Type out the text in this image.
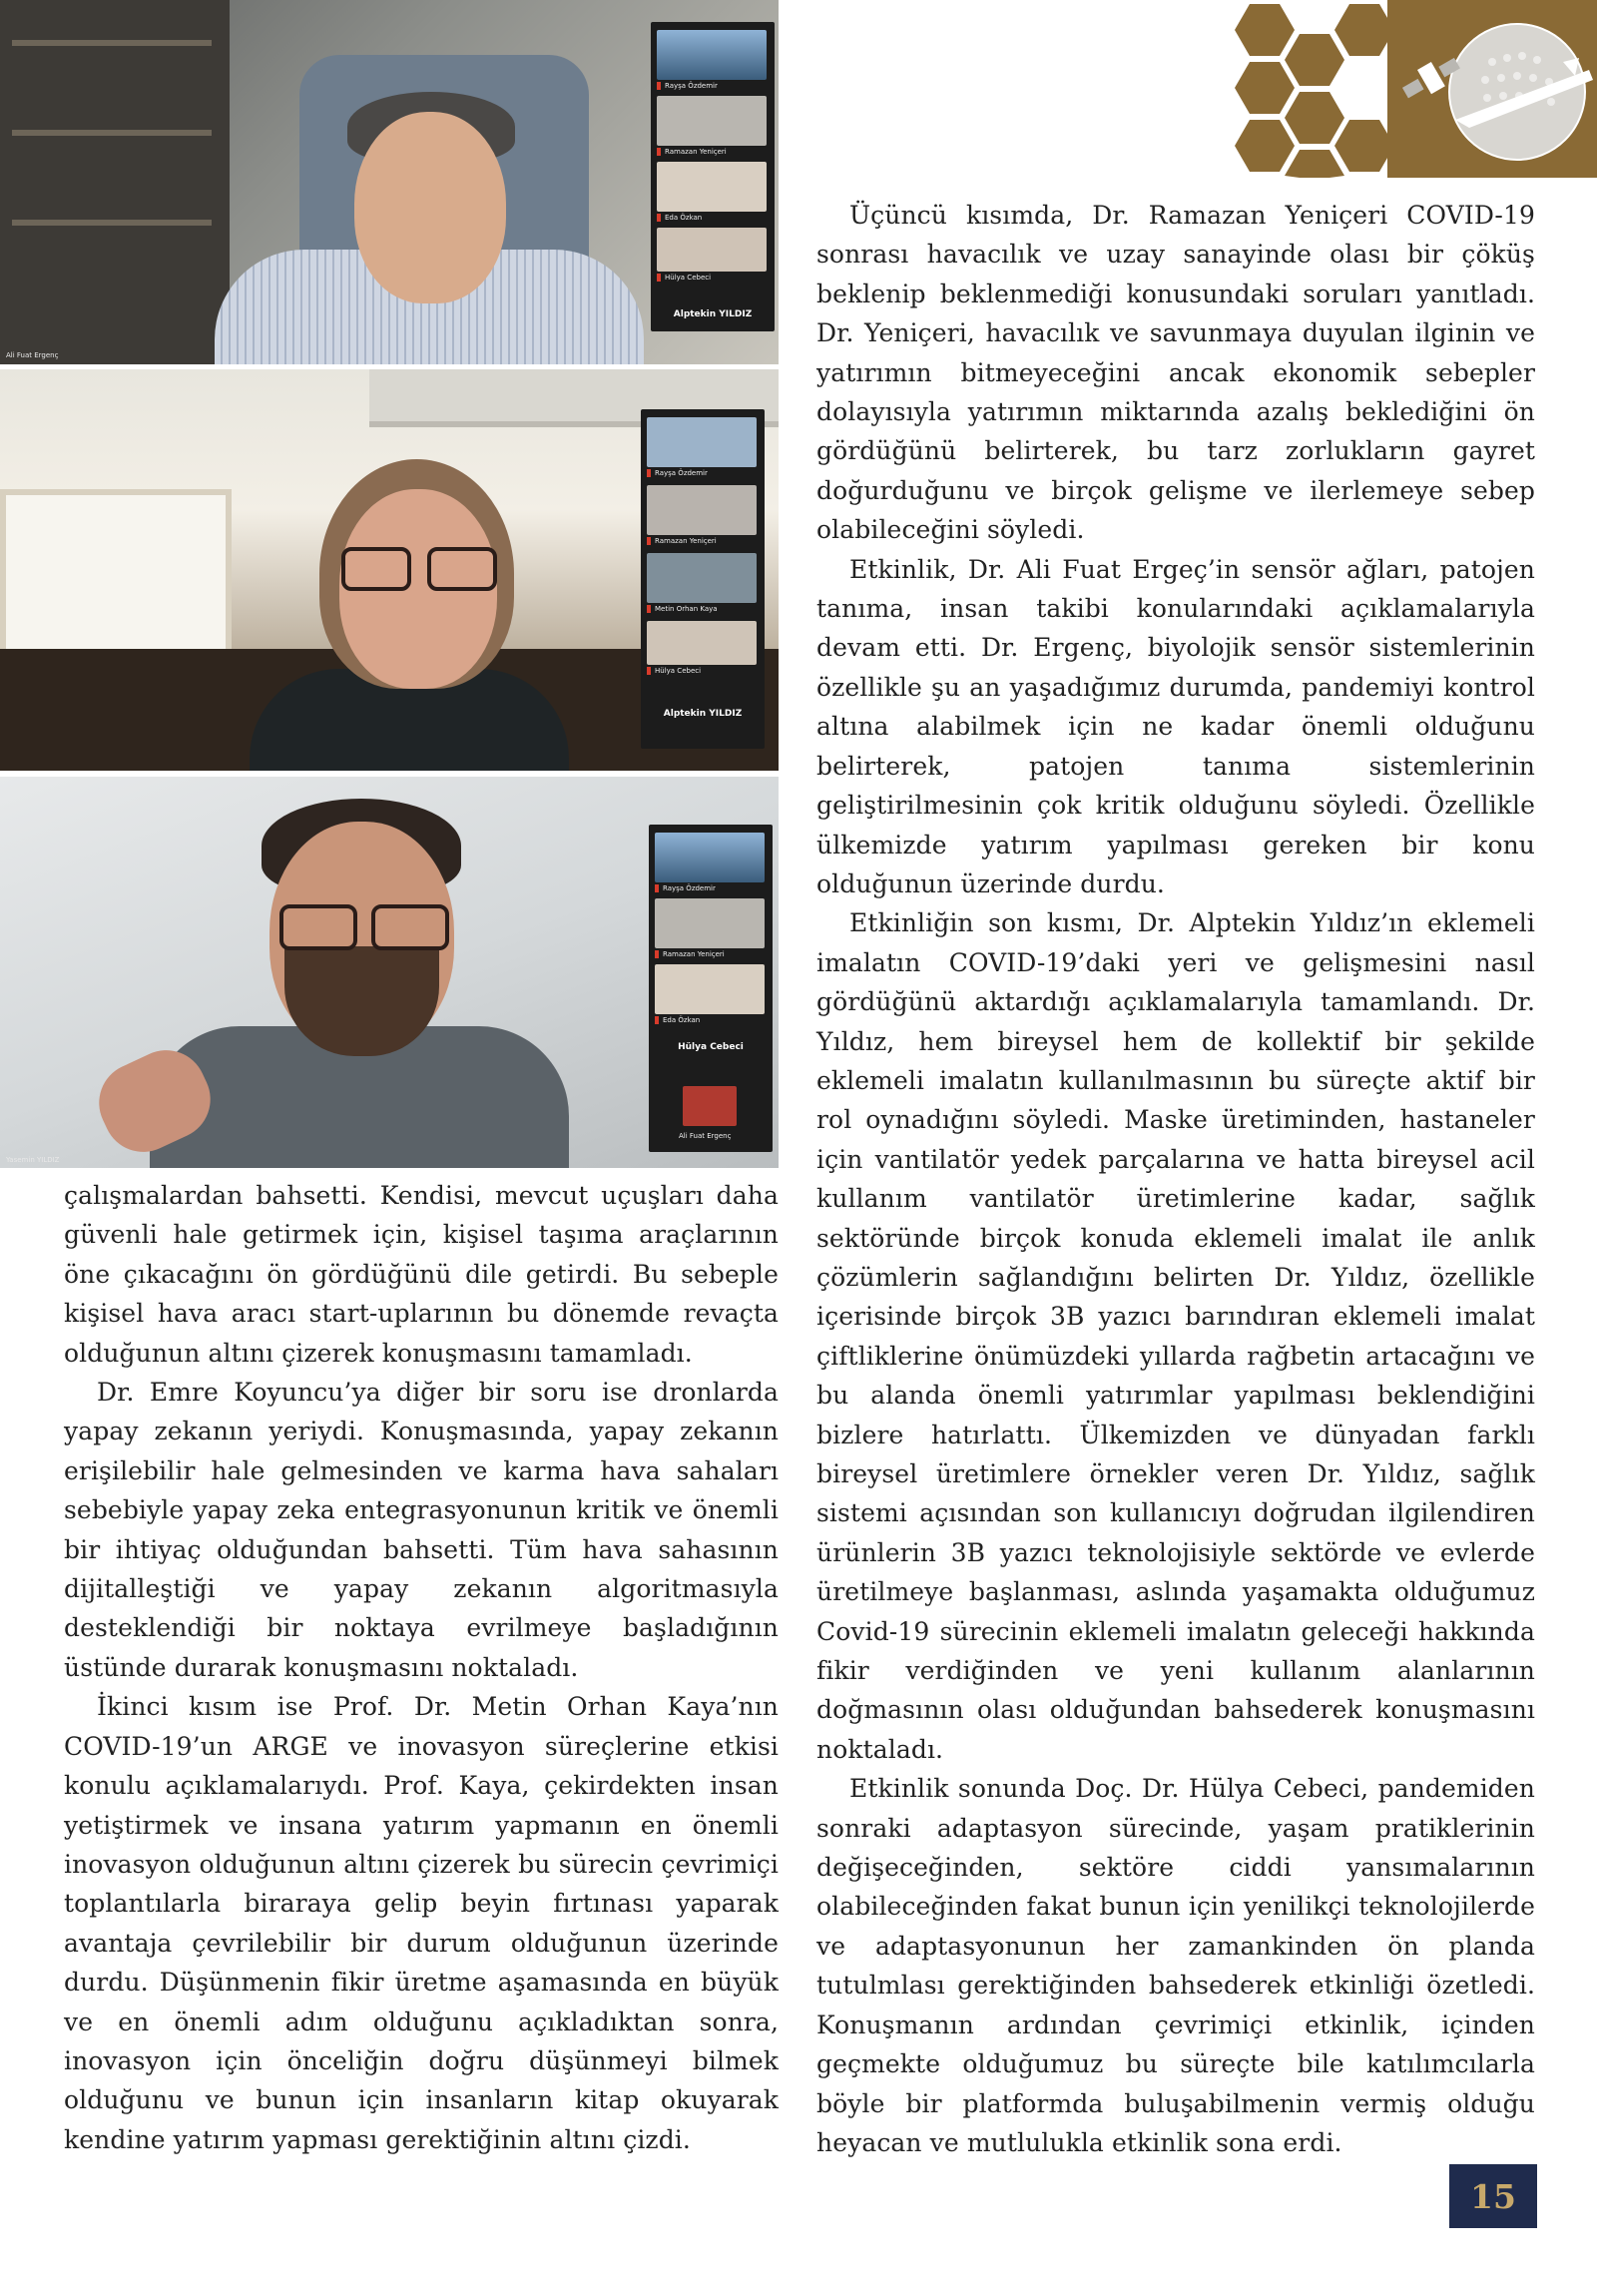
Rayşa Özdemir
Ramazan Yeniçeri
Eda Özkan
Hülya Cebeci
Alptekin YILDIZ
Ali Fuat Ergenç
Rayşa Özdemir
Ramazan Yeniçeri
Metin Orhan Kaya
Hülya Cebeci
Alptekin YILDIZ
Rayşa Özdemir
Ramazan Yeniçeri
Eda Özkan
Hülya Cebeci
Ali Fuat Ergenç
Yasemin YILDIZ

çalışmalardan bahsetti. Kendisi, mevcut uçuşları daha güvenli hale getirmek için, kişisel taşıma araçlarının öne çıkacağını ön gördüğünü dile getirdi. Bu sebeple kişisel hava aracı start-uplarının bu dönemde revaçta olduğunun altını çizerek konuşmasını tamamladı.

Dr. Emre Koyuncu’ya diğer bir soru ise dronlarda yapay zekanın yeriydi. Konuşmasında, yapay zekanın erişilebilir hale gelmesinden ve karma hava sahaları sebebiyle yapay zeka entegrasyonunun kritik ve önemli bir ihtiyaç olduğundan bahsetti. Tüm hava sahasının dijitalleştiği ve yapay zekanın algoritmasıyla desteklendiği bir noktaya evrilmeye başladığının üstünde durarak konuşmasını noktaladı.

İkinci kısım ise Prof. Dr. Metin Orhan Kaya’nın COVID-19’un ARGE ve inovasyon süreçlerine etkisi konulu açıklamalarıydı. Prof. Kaya, çekirdekten insan yetiştirmek ve insana yatırım yapmanın en önemli inovasyon olduğunun altını çizerek bu sürecin çevrimiçi toplantılarla biraraya gelip beyin fırtınası yaparak avantaja çevrilebilir bir durum olduğunun üzerinde durdu. Düşünmenin fikir üretme aşamasında en büyük ve en önemli adım olduğunu açıkladıktan sonra, inovasyon için önceliğin doğru düşünmeyi bilmek olduğunu ve bunun için insanların kitap okuyarak kendine yatırım yapması gerektiğinin altını çizdi.

Üçüncü kısımda, Dr. Ramazan Yeniçeri COVID-19 sonrası havacılık ve uzay sanayinde olası bir çöküş beklenip beklenmediği konusundaki soruları yanıtladı. Dr. Yeniçeri, havacılık ve savunmaya duyulan ilginin ve yatırımın bitmeyeceğini ancak ekonomik sebepler dolayısıyla yatırımın miktarında azalış beklediğini ön gördüğünü belirterek, bu tarz zorlukların gayret doğurduğunu ve birçok gelişme ve ilerlemeye sebep olabileceğini söyledi.

Etkinlik, Dr. Ali Fuat Ergeç’in sensör ağları, patojen tanıma, insan takibi konularındaki açıklamalarıyla devam etti. Dr. Ergenç, biyolojik sensör sistemlerinin özellikle şu an yaşadığımız durumda, pandemiyi kontrol altına alabilmek için ne kadar önemli olduğunu belirterek, patojen tanıma sistemlerinin geliştirilmesinin çok kritik olduğunu söyledi. Özellikle ülkemizde yatırım yapılması gereken bir konu olduğunun üzerinde durdu.

Etkinliğin son kısmı, Dr. Alptekin Yıldız’ın eklemeli imalatın COVID-19’daki yeri ve gelişmesini nasıl gördüğünü aktardığı açıklamalarıyla tamamlandı. Dr. Yıldız, hem bireysel hem de kollektif bir şekilde eklemeli imalatın kullanılmasının bu süreçte aktif bir rol oynadığını söyledi. Maske üretiminden, hastaneler için vantilatör yedek parçalarına ve hatta bireysel acil kullanım vantilatör üretimlerine kadar, sağlık sektöründe birçok konuda eklemeli imalat ile anlık çözümlerin sağlandığını belirten Dr. Yıldız, özellikle içerisinde birçok 3B yazıcı barındıran eklemeli imalat çiftliklerine önümüzdeki yıllarda rağbetin artacağını ve bu alanda önemli yatırımlar yapılması beklendiğini bizlere hatırlattı. Ülkemizden ve dünyadan farklı bireysel üretimlere örnekler veren Dr. Yıldız, sağlık sistemi açısından son kullanıcıyı doğrudan ilgilendiren ürünlerin 3B yazıcı teknolojisiyle sektörde ve evlerde üretilmeye başlanması, aslında yaşamakta olduğumuz Covid-19 sürecinin eklemeli imalatın geleceği hakkında fikir verdiğinden ve yeni kullanım alanlarının doğmasının olası olduğundan bahsederek konuşmasını noktaladı.

Etkinlik sonunda Doç. Dr. Hülya Cebeci, pandemiden sonraki adaptasyon sürecinde, yaşam pratiklerinin değişeceğinden, sektöre ciddi yansımalarının olabileceğinden fakat bunun için yenilikçi teknolojilerde ve adaptasyonunun her zamankinden ön planda tutulmlası gerektiğinden bahsederek etkinliği özetledi. Konuşmanın ardından çevrimiçi etkinlik, içinden geçmekte olduğumuz bu süreçte bile katılımcılarla böyle bir platformda buluşabilmenin vermiş olduğu heyacan ve mutlulukla etkinlik sona erdi.

15
